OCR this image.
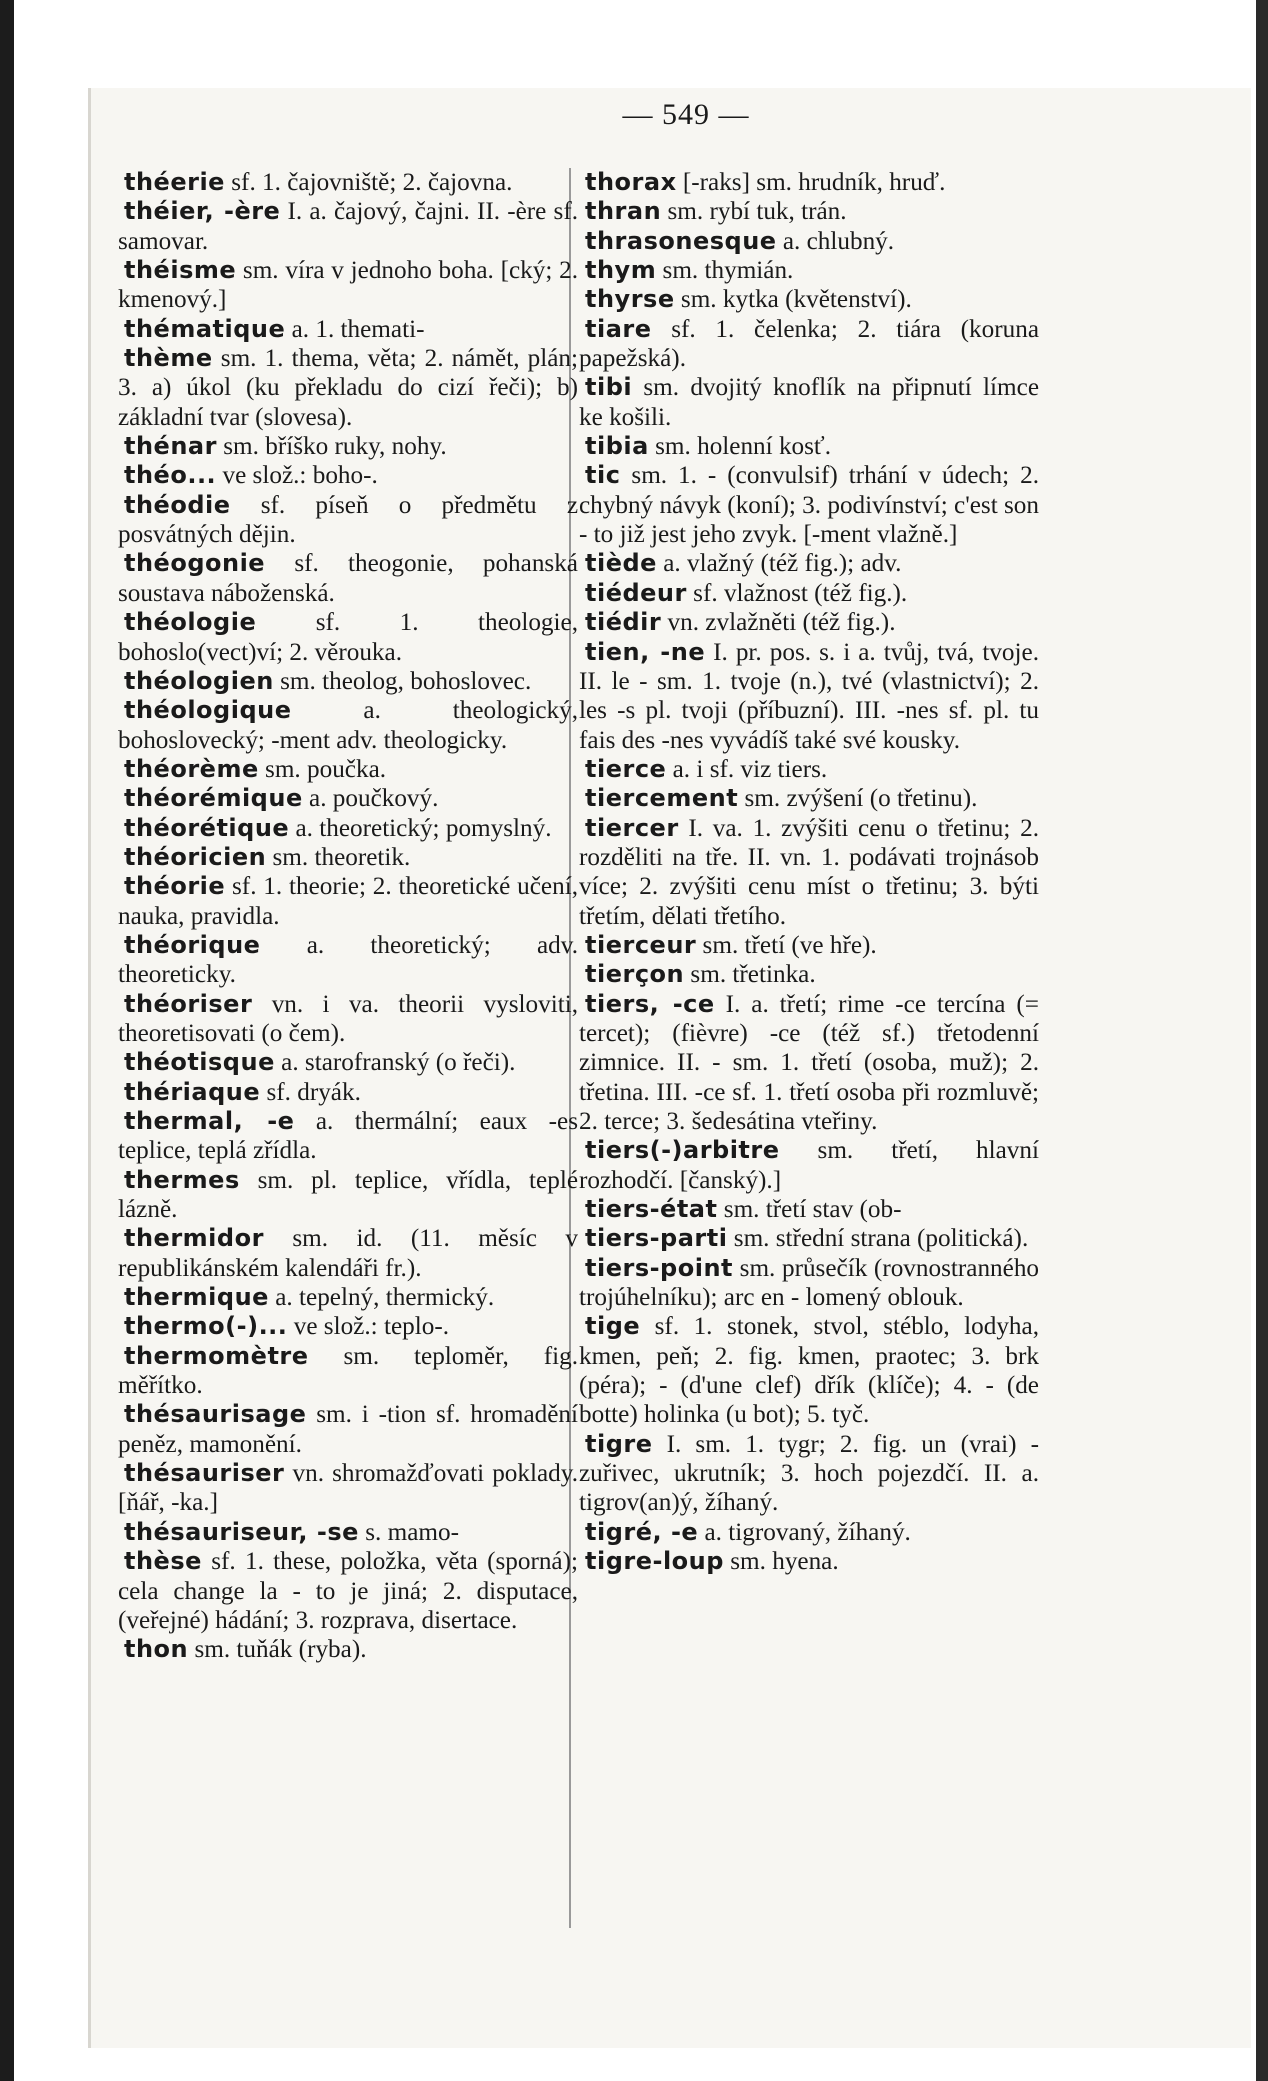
— 549 —
théerie sf. 1. čajovniště; 2. čajovna.
théier, -ère I. a. čajový, čajni. II. -ère sf. samovar.
théisme sm. víra v jednoho boha. [cký; 2. kmenový.]
thématique a. 1. themati-
thème sm. 1. thema, věta; 2. námět, plán; 3. a) úkol (ku překladu do cizí řeči); b) základní tvar (slovesa).
thénar sm. bříško ruky, nohy.
théo... ve slož.: boho-.
théodie sf. píseň o předmětu z posvátných dějin.
théogonie sf. theogonie, pohanská soustava náboženská.
théologie sf. 1. theologie, bohoslo(vect)ví; 2. věrouka.
théologien sm. theolog, bohoslovec.
théologique	a. theologický, bohoslovecký; -ment adv. theologicky.
théorème sm. poučka.
théorémique a. poučkový.
théorétique a. theoretický; pomyslný.
théoricien sm. theoretik.
théorie sf. 1. theorie; 2. theoretické učení, nauka, pravidla.
théorique a. theoretický; adv. theoreticky.
théoriser vn. i va. theorii vysloviti, theoretisovati (o čem).
théotisque a. starofranský (o řeči).
thériaque sf. dryák.
thermal, -e a. thermální; eaux -es teplice, teplá zřídla.
thermes sm. pl. teplice, vřídla, teplé lázně.
thermidor sm. id. (11. měsíc v republikánském kalendáři fr.).
thermique a. tepelný, thermický.
thermo(-)... ve slož.: teplo-.
thermomètre sm. teploměr, fig. měřítko.
thésaurisage sm. i -tion sf. hromadění peněz, mamonění.
thésauriser vn. shromažďovati poklady. [ňář, -ka.]
thésauriseur, -se s. mamo-
thèse sf. 1. these, položka, věta (sporná); cela change la - to je jiná; 2. disputace, (veřejné) hádání; 3. rozprava, disertace.
thon sm. tuňák (ryba).
thorax [-raks] sm. hrudník, hruď.
thran sm. rybí tuk, trán.
thrasonesque a. chlubný.
thym sm. thymián.
thyrse sm. kytka (květenství).
tiare sf. 1. čelenka; 2. tiára (koruna papežská).
tibi sm. dvojitý knoflík na připnutí límce ke košili.
tibia sm. holenní kosť.
tic sm. 1. - (convulsif) trhání v údech; 2. chybný návyk (koní); 3. podivínství; c'est son - to již jest jeho zvyk. [-ment vlažně.]
tiède a. vlažný (též fig.); adv.
tiédeur sf. vlažnost (též fig.).
tiédir vn. zvlažněti (též fig.).
tien, -ne I. pr. pos. s. i a. tvůj, tvá, tvoje. II. le - sm. 1. tvoje (n.), tvé (vlastnictví); 2. les -s pl. tvoji (příbuzní). III. -nes sf. pl. tu fais des -nes vyvádíš také své kousky.
tierce a. i sf. viz tiers.
tiercement sm. zvýšení (o třetinu).
tiercer I. va. 1. zvýšiti cenu o třetinu; 2. rozděliti na tře. II. vn. 1. podávati trojnásob více; 2. zvýšiti cenu míst o třetinu; 3. býti třetím, dělati třetího.
tierceur sm. třetí (ve hře).
tierçon sm. třetinka.
tiers, -ce I. a. třetí; rime -ce tercína (= tercet); (fièvre) -ce (též sf.) třetodenní zimnice. II. - sm. 1. třetí (osoba, muž); 2. třetina. III. -ce sf. 1. třetí osoba při rozmluvě; 2. terce; 3. šedesátina vteřiny.
tiers(-)arbitre sm. třetí, hlavní rozhodčí. [čanský).]
tiers-état sm. třetí stav (ob-
tiers-parti sm. střední strana (politická).
tiers-point sm. průsečík (rovnostranného trojúhelníku); arc en - lomený oblouk.
tige sf. 1. stonek, stvol, stéblo, lodyha, kmen, peň; 2. fig. kmen, praotec; 3. brk (péra); - (d'une clef) dřík (klíče); 4. - (de botte) holinka (u bot); 5. tyč.
tigre I. sm. 1. tygr; 2. fig. un (vrai) - zuřivec, ukrutník; 3. hoch pojezdčí. II. a. tigrov(an)ý, žíhaný.
tigré, -e a. tigrovaný, žíhaný.
tigre-loup sm. hyena.
